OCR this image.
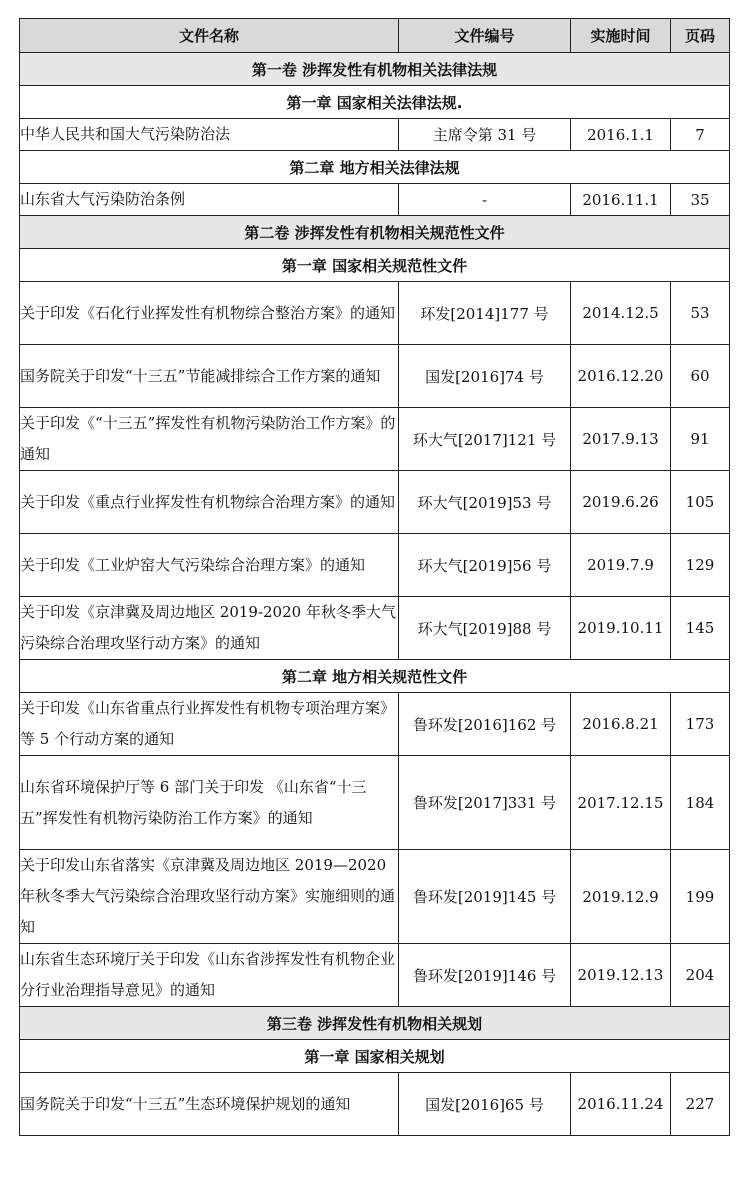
文件名称	文件编号	实施时间	页码
第一卷 涉挥发性有机物相关法律法规			
第一章 国家相关法律法规.			
中华人民共和国大气污染防治法	主席令第 31 号	2016.1.1	7
第二章 地方相关法律法规			
山东省大气污染防治条例	-	2016.11.1	35
第二卷 涉挥发性有机物相关规范性文件			
第一章 国家相关规范性文件			
关于印发《石化行业挥发性有机物综合整治方案》的通知	环发[2014]177 号	2014.12.5	53
国务院关于印发“十三五”节能减排综合工作方案的通知	国发[2016]74 号	2016.12.20	60
关于印发《“十三五”挥发性有机物污染防治工作方案》的通知	环大气[2017]121 号	2017.9.13	91
关于印发《重点行业挥发性有机物综合治理方案》的通知	环大气[2019]53 号	2019.6.26	105
关于印发《工业炉窑大气污染综合治理方案》的通知	环大气[2019]56 号	2019.7.9	129
关于印发《京津冀及周边地区 2019-2020 年秋冬季大气污染综合治理攻坚行动方案》的通知	环大气[2019]88 号	2019.10.11	145
第二章 地方相关规范性文件			
关于印发《山东省重点行业挥发性有机物专项治理方案》等 5 个行动方案的通知	鲁环发[2016]162 号	2016.8.21	173
山东省环境保护厅等 6 部门关于印发 《山东省“十三五”挥发性有机物污染防治工作方案》的通知	鲁环发[2017]331 号	2017.12.15	184
关于印发山东省落实《京津冀及周边地区 2019—2020 年秋冬季大气污染综合治理攻坚行动方案》实施细则的通知	鲁环发[2019]145 号	2019.12.9	199
山东省生态环境厅关于印发《山东省涉挥发性有机物企业分行业治理指导意见》的通知	鲁环发[2019]146 号	2019.12.13	204
第三卷 涉挥发性有机物相关规划			
第一章 国家相关规划			
国务院关于印发“十三五”生态环境保护规划的通知	国发[2016]65 号	2016.11.24	227
